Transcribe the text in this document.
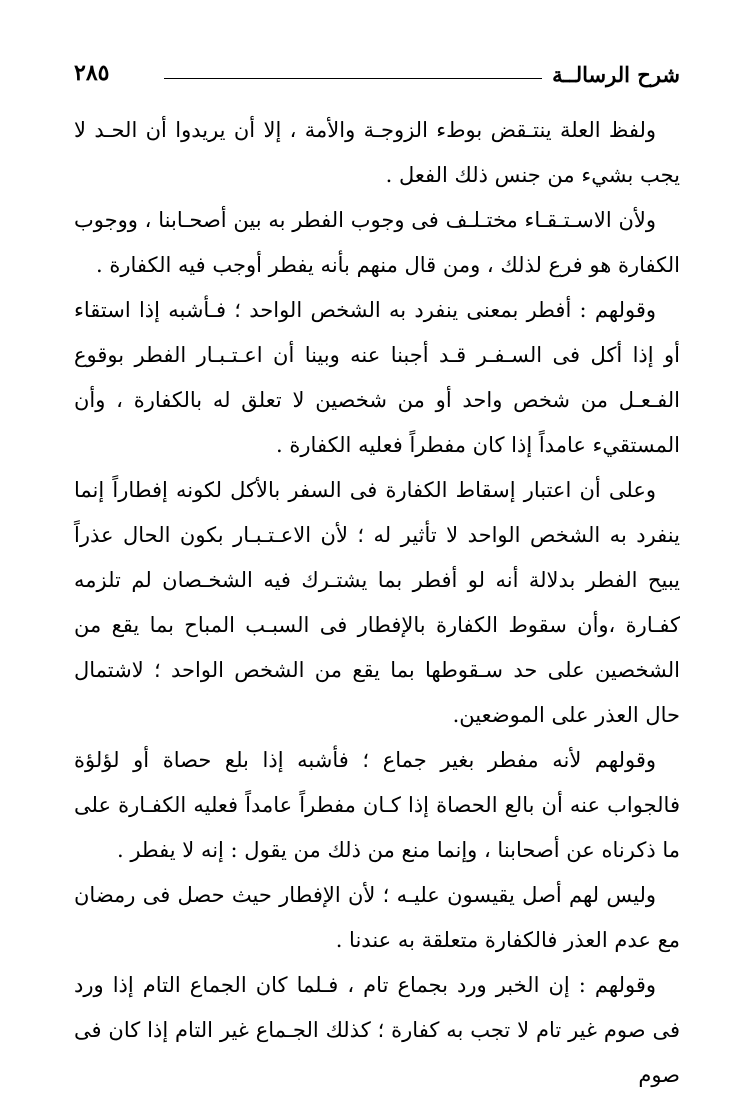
شرح الرسالــة
٢٨٥

ولفظ العلة ينتـقض بوطء الزوجـة والأمة ، إلا أن يريدوا أن الحـد لا يجب بشيء من جنس ذلك الفعل .

ولأن الاسـتـقـاء مختـلـف فى وجوب الفطر به بين أصحـابنا ، ووجوب الكفارة هو فرع لذلك ، ومن قال منهم بأنه يفطر أوجب فيه الكفارة .

وقولهم : أفطر بمعنى ينفرد به الشخص الواحد ؛ فـأشبه إذا استقاء أو إذا أكل فى السـفـر قـد أجبنا عنه وبينا أن اعـتـبـار الفطر بوقوع الفـعـل من شخص واحد أو من شخصين لا تعلق له بالكفارة ، وأن المستقيء عامداً إذا كان مفطراً فعليه الكفارة .

وعلى أن اعتبار إسقاط الكفارة فى السفر بالأكل لكونه إفطاراً إنما ينفرد به الشخص الواحد لا تأثير له ؛ لأن الاعـتـبـار بكون الحال عذراً يبيح الفطر بدلالة أنه لو أفطر بما يشتـرك فيه الشخـصان لم تلزمه كفـارة ،وأن سقوط الكفارة بالإفطار فى السبـب المباح بما يقع من الشخصين على حد سـقوطها بما يقع من الشخص الواحد ؛ لاشتمال حال العذر على الموضعين.

وقولهم لأنه مفطر بغير جماع ؛ فأشبه إذا بلع حصاة أو لؤلؤة فالجواب عنه أن بالع الحصاة إذا كـان مفطراً عامداً فعليه الكفـارة على ما ذكرناه عن أصحابنا ، وإنما منع من ذلك من يقول : إنه لا يفطر .

وليس لهم أصل يقيسون عليـه ؛ لأن الإفطار حيث حصل فى رمضان مع عدم العذر فالكفارة متعلقة به عندنا .

وقولهم : إن الخبر ورد بجماع تام ، فـلما كان الجماع التام إذا ورد فى صوم غير تام لا تجب به كفارة ؛ كذلك الجـماع غير التام إذا كان فى صوم
